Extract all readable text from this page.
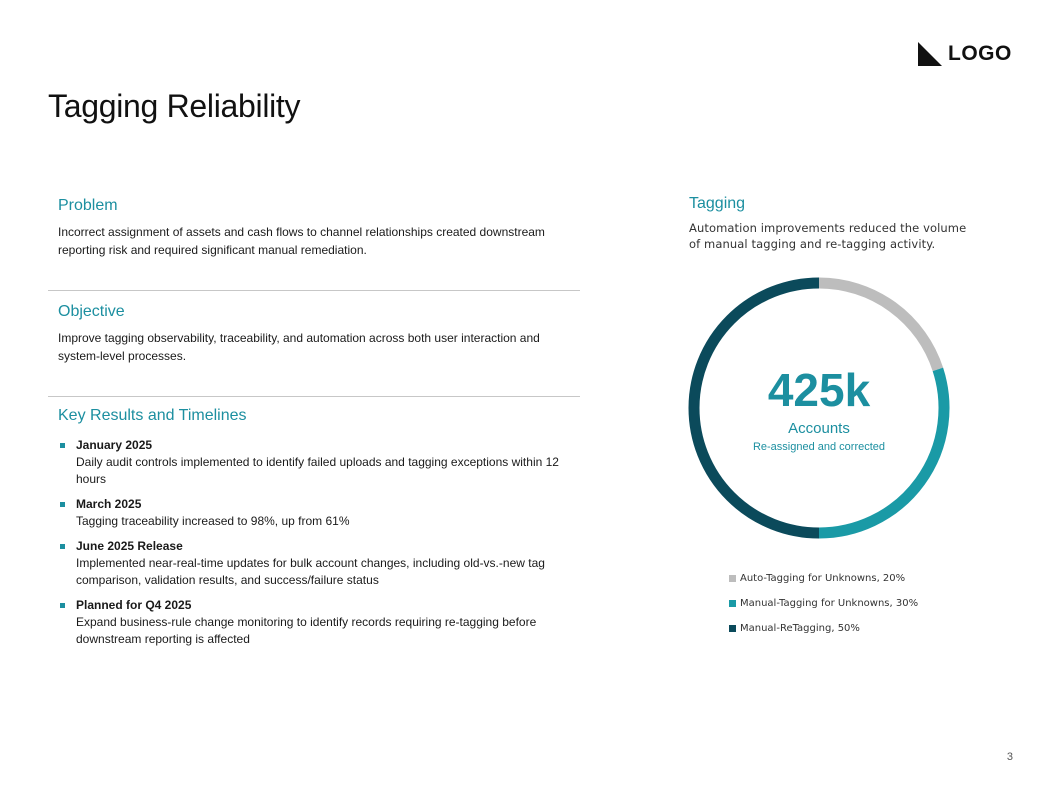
LOGO
Tagging Reliability
Problem

Incorrect assignment of assets and cash flows to channel relationships created downstream reporting risk and required significant manual remediation.

Objective

Improve tagging observability, traceability, and automation across both user interaction and system-level processes.

Key Results and Timelines
January 2025
Daily audit controls implemented to identify failed uploads and tagging exceptions within 12 hours
March 2025
Tagging traceability increased to 98%, up from 61%
June 2025 Release
Implemented near-real-time updates for bulk account changes, including old-vs.-new tag comparison, validation results, and success/failure status
Planned for Q4 2025
Expand business-rule change monitoring to identify records requiring re-tagging before downstream reporting is affected
Tagging

Automation improvements reduced the volume of manual tagging and re-tagging activity.

425k
Accounts
Re-assigned and corrected
Auto-Tagging for Unknowns, 20%
Manual-Tagging for Unknowns, 30%
Manual-ReTagging, 50%
3
